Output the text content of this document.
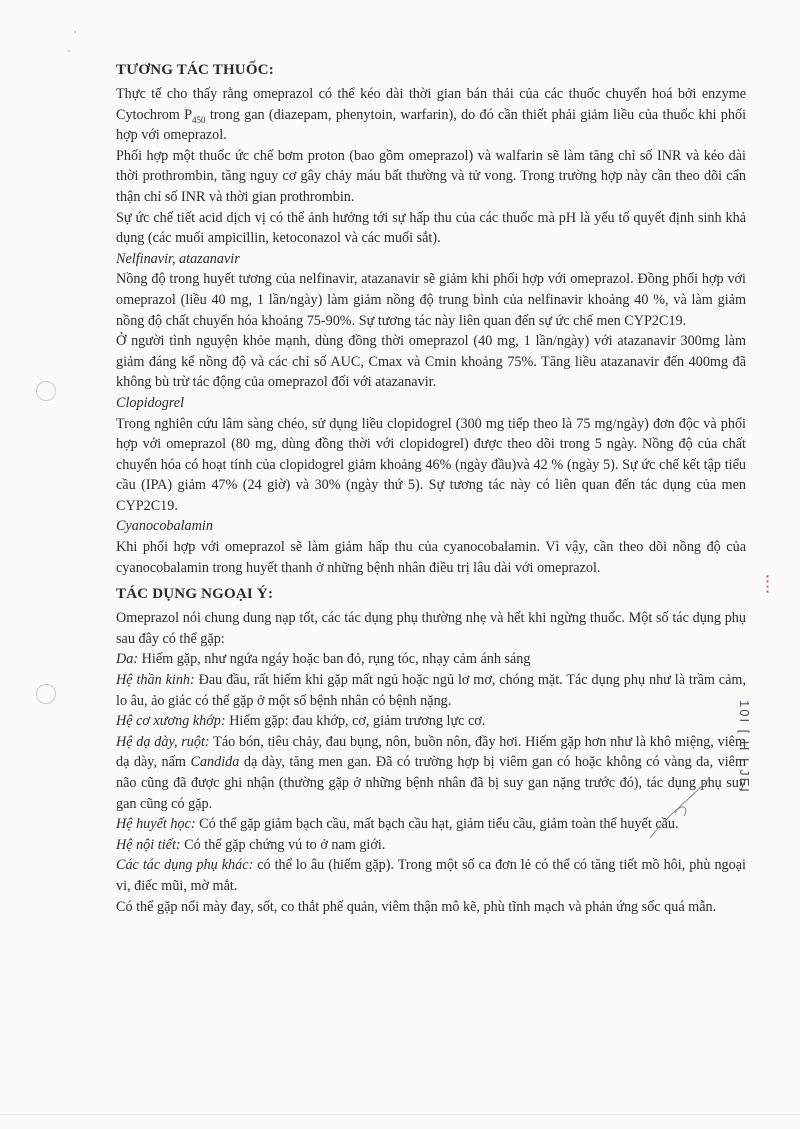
TƯƠNG TÁC THUỐC:

Thực tế cho thấy rằng omeprazol có thể kéo dài thời gian bán thải của các thuốc chuyển hoá bởi enzyme Cytochrom $P_{450}$ trong gan (diazepam, phenytoin, warfarin), do đó cần thiết phải giảm liều của thuốc khi phối hợp với omeprazol.

Phối hợp một thuốc ức chế bơm proton (bao gồm omeprazol) và walfarin sẽ làm tăng chỉ số INR và kéo dài thời prothrombin, tăng nguy cơ gây chảy máu bất thường và tử vong. Trong trường hợp này cần theo dõi cẩn thận chỉ số INR và thời gian prothrombin.

Sự ức chế tiết acid dịch vị có thể ảnh hưởng tới sự hấp thu của các thuốc mà pH là yếu tố quyết định sinh khả dụng (các muối ampicillin, ketoconazol và các muối sắt).

Nelfinavir, atazanavir

Nồng độ trong huyết tương của nelfinavir, atazanavir sẽ giảm khi phối hợp với omeprazol. Đồng phối hợp với omeprazol (liều 40 mg, 1 lần/ngày) làm giảm nồng độ trung bình của nelfinavir khoảng 40 %, và làm giảm nồng độ chất chuyển hóa khoảng 75-90%. Sự tương tác này liên quan đến sự ức chế men CYP2C19.

Ở người tình nguyện khỏe mạnh, dùng đồng thời omeprazol (40 mg, 1 lần/ngày) với atazanavir 300mg làm giảm đáng kể nồng độ và các chỉ số AUC, Cmax và Cmin khoảng 75%. Tăng liều atazanavir đến 400mg đã không bù trừ tác động của omeprazol đối với atazanavir.

Clopidogrel

Trong nghiên cứu lâm sàng chéo, sử dụng liều clopidogrel (300 mg tiếp theo là 75 mg/ngày) đơn độc và phối hợp với omeprazol (80 mg, dùng đồng thời với clopidogrel) được theo dõi trong 5 ngày. Nồng độ của chất chuyển hóa có hoạt tính của clopidogrel giảm khoảng 46% (ngày đầu)và 42 % (ngày 5). Sự ức chế kết tập tiểu cầu (IPA) giảm 47% (24 giờ) và 30% (ngày thứ 5). Sự tương tác này có liên quan đến tác dụng của men CYP2C19.

Cyanocobalamin

Khi phối hợp với omeprazol sẽ làm giảm hấp thu của cyanocobalamin. Vì vậy, cần theo dõi nồng độ của cyanocobalamin trong huyết thanh ở những bệnh nhân điều trị lâu dài với omeprazol.

TÁC DỤNG NGOẠI Ý:

Omeprazol nói chung dung nạp tốt, các tác dụng phụ thường nhẹ và hết khi ngừng thuốc. Một số tác dụng phụ sau đây có thể gặp:

Da: Hiếm gặp, như ngứa ngáy hoặc ban đỏ, rụng tóc, nhạy cảm ánh sáng

Hệ thần kinh: Đau đầu, rất hiếm khi gặp mất ngủ hoặc ngủ lơ mơ, chóng mặt. Tác dụng phụ như là trầm cảm, lo âu, ảo giác có thể gặp ở một số bệnh nhân có bệnh nặng.

Hệ cơ xương khớp: Hiếm gặp: đau khớp, cơ, giảm trương lực cơ.

Hệ dạ dày, ruột: Táo bón, tiêu chảy, đau bụng, nôn, buồn nôn, đầy hơi. Hiếm gặp hơn như là khô miệng, viêm dạ dày, nấm Candida dạ dày, tăng men gan. Đã có trường hợp bị viêm gan có hoặc không có vàng da, viêm não cũng đã được ghi nhận (thường gặp ở những bệnh nhân đã bị suy gan nặng trước đó), tác dụng phụ suy gan cũng có gặp.

Hệ huyết học: Có thể gặp giảm bạch cầu, mất bạch cầu hạt, giảm tiểu cầu, giảm toàn thể huyết cầu.

Hệ nội tiết: Có thể gặp chứng vú to ở nam giới.

Các tác dụng phụ khác: có thể lo âu (hiếm gặp). Trong một số ca đơn lẻ có thể có tăng tiết mồ hôi, phù ngoại vi, điếc mũi, mờ mắt.

Có thể gặp nổi mày đay, sốt, co thắt phế quản, viêm thận mô kẽ, phù tĩnh mạch và phản ứng sốc quá mẫn.

10I [ H I JEI
▪ ▪ ▪ ▪
